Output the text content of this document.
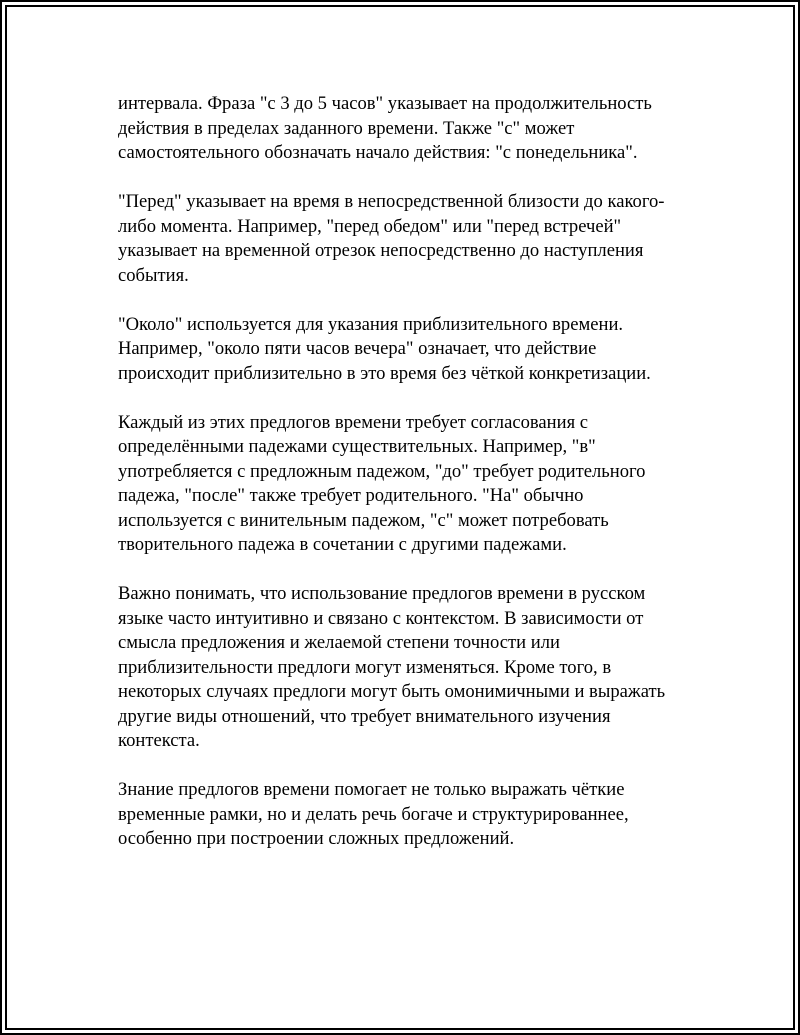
интервала. Фраза "с 3 до 5 часов" указывает на продолжительность
действия в пределах заданного времени. Также "с" может
самостоятельного обозначать начало действия: "с понедельника".
"Перед" указывает на время в непосредственной близости до какого-
либо момента. Например, "перед обедом" или "перед встречей"
указывает на временной отрезок непосредственно до наступления
события.
"Около" используется для указания приблизительного времени.
Например, "около пяти часов вечера" означает, что действие
происходит приблизительно в это время без чёткой конкретизации.
Каждый из этих предлогов времени требует согласования с
определёнными падежами существительных. Например, "в"
употребляется с предложным падежом, "до" требует родительного
падежа, "после" также требует родительного. "На" обычно
используется с винительным падежом, "с" может потребовать
творительного падежа в сочетании с другими падежами.
Важно понимать, что использование предлогов времени в русском
языке часто интуитивно и связано с контекстом. В зависимости от
смысла предложения и желаемой степени точности или
приблизительности предлоги могут изменяться. Кроме того, в
некоторых случаях предлоги могут быть омонимичными и выражать
другие виды отношений, что требует внимательного изучения
контекста.
Знание предлогов времени помогает не только выражать чёткие
временные рамки, но и делать речь богаче и структурированнее,
особенно при построении сложных предложений.
